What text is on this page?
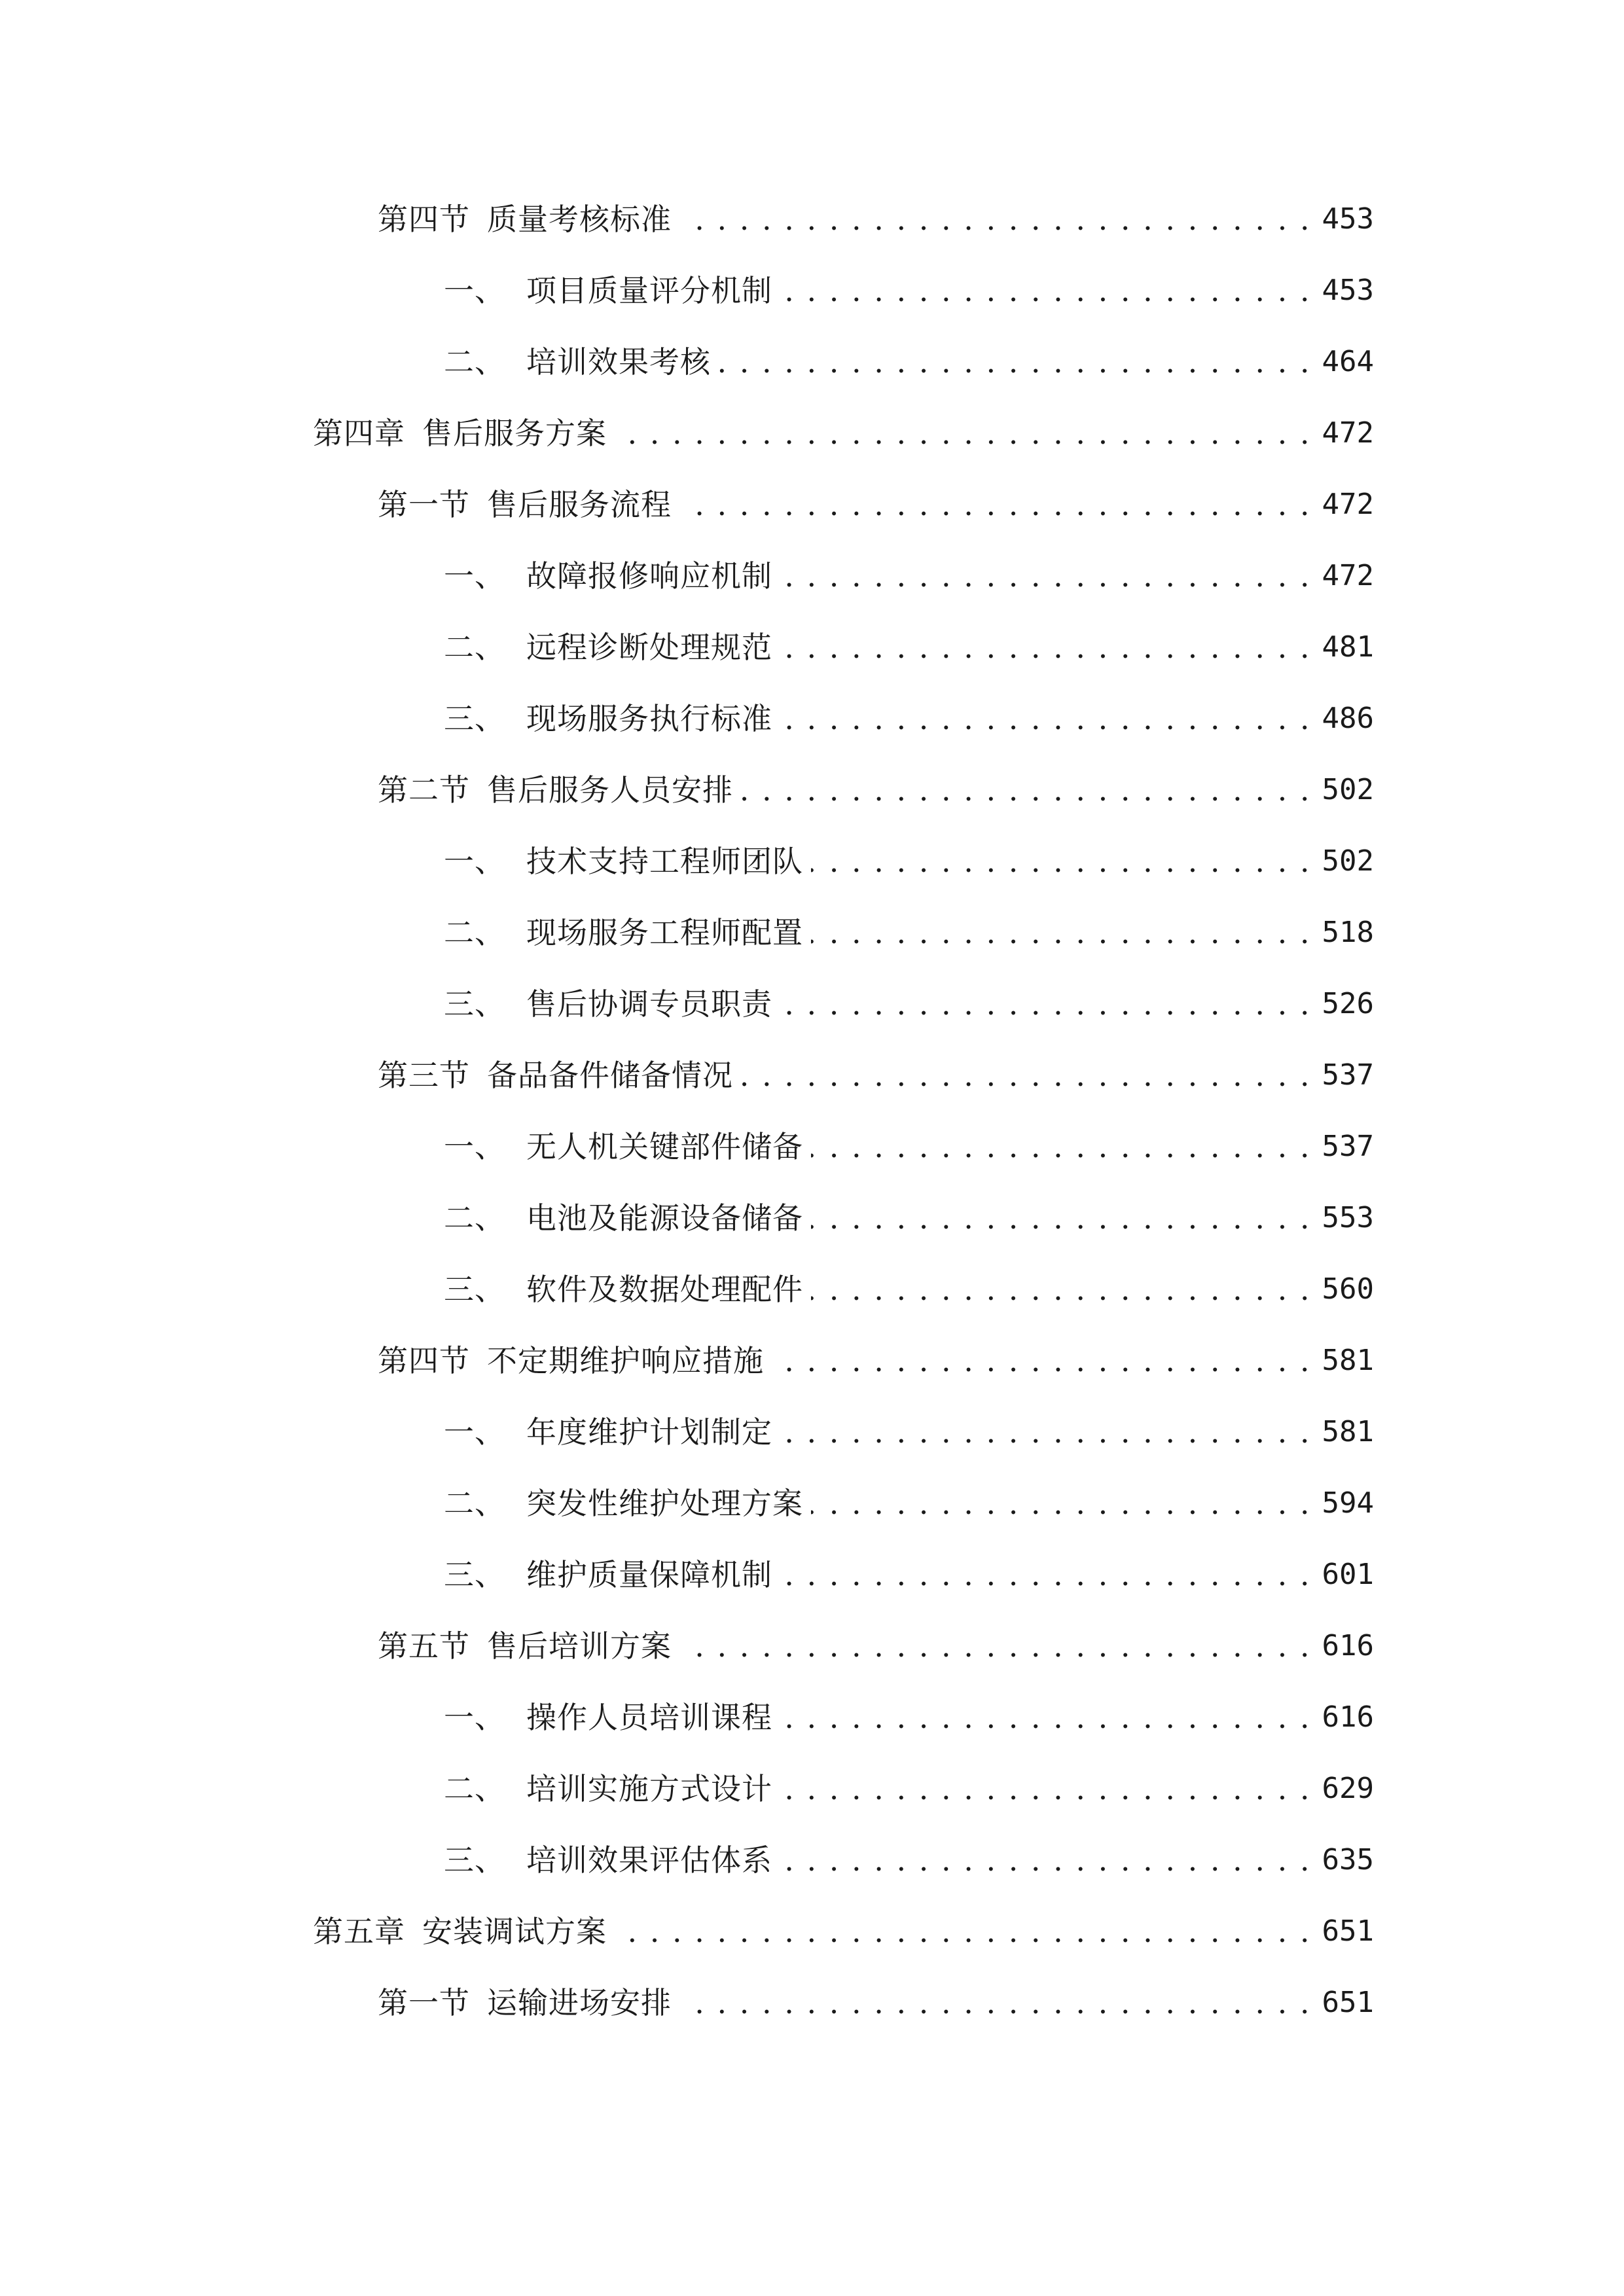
第四节 质量考核标准 . . .	453
一、 项目质量评分机制 . . .	453
二、 培训效果考核 . . .	464
第四章 售后服务方案 . . .	472
第一节 售后服务流程 . . .	472
一、 故障报修响应机制 . . .	472
二、 远程诊断处理规范 . . .	481
三、 现场服务执行标准 . . .	486
第二节 售后服务人员安排 . . .	502
一、 技术支持工程师团队 . . .	502
二、 现场服务工程师配置 . . .	518
三、 售后协调专员职责 . . .	526
第三节 备品备件储备情况 . . .	537
一、 无人机关键部件储备 . . .	537
二、 电池及能源设备储备 . . .	553
三、 软件及数据处理配件 . . .	560
第四节 不定期维护响应措施 . . .	581
一、 年度维护计划制定 . . .	581
二、 突发性维护处理方案 . . .	594
三、 维护质量保障机制 . . .	601
第五节 售后培训方案 . . .	616
一、 操作人员培训课程 . . .	616
二、 培训实施方式设计 . . .	629
三、 培训效果评估体系 . . .	635
第五章 安装调试方案 . . .	651
第一节 运输进场安排 . . .	651
